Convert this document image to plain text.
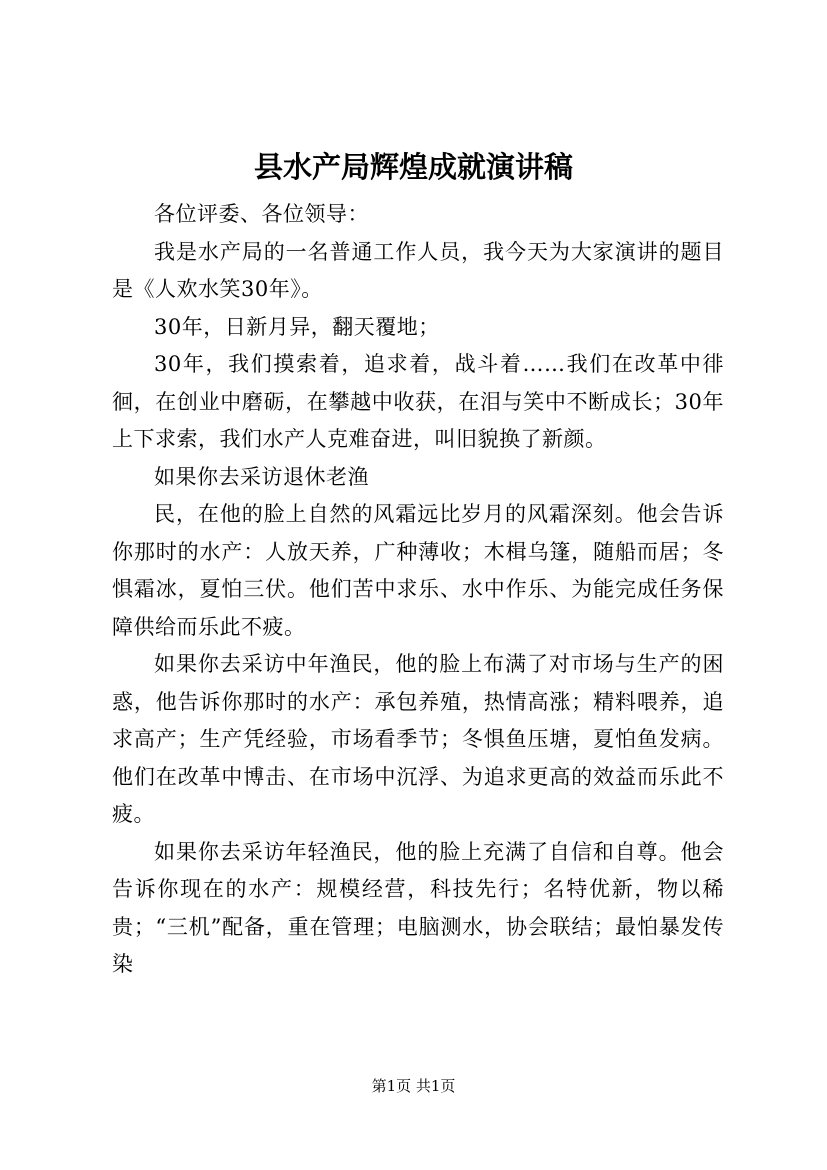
县水产局辉煌成就演讲稿

各位评委、各位领导：

我是水产局的一名普通工作人员，我今天为大家演讲的题目是《人欢水笑30年》。

30年，日新月异，翻天覆地；

30年，我们摸索着，追求着，战斗着……我们在改革中徘徊，在创业中磨砺，在攀越中收获，在泪与笑中不断成长；30年上下求索，我们水产人克难奋进，叫旧貌换了新颜。

如果你去采访退休老渔

民，在他的脸上自然的风霜远比岁月的风霜深刻。他会告诉你那时的水产：人放天养，广种薄收；木楫乌篷，随船而居；冬惧霜冰，夏怕三伏。他们苦中求乐、水中作乐、为能完成任务保障供给而乐此不疲。

如果你去采访中年渔民，他的脸上布满了对市场与生产的困惑，他告诉你那时的水产：承包养殖，热情高涨；精料喂养，追求高产；生产凭经验，市场看季节；冬惧鱼压塘，夏怕鱼发病。他们在改革中博击、在市场中沉浮、为追求更高的效益而乐此不疲。

如果你去采访年轻渔民，他的脸上充满了自信和自尊。他会告诉你现在的水产：规模经营，科技先行；名特优新，物以稀贵；“三机”配备，重在管理；电脑测水，协会联结；最怕暴发传染

第1页 共1页
